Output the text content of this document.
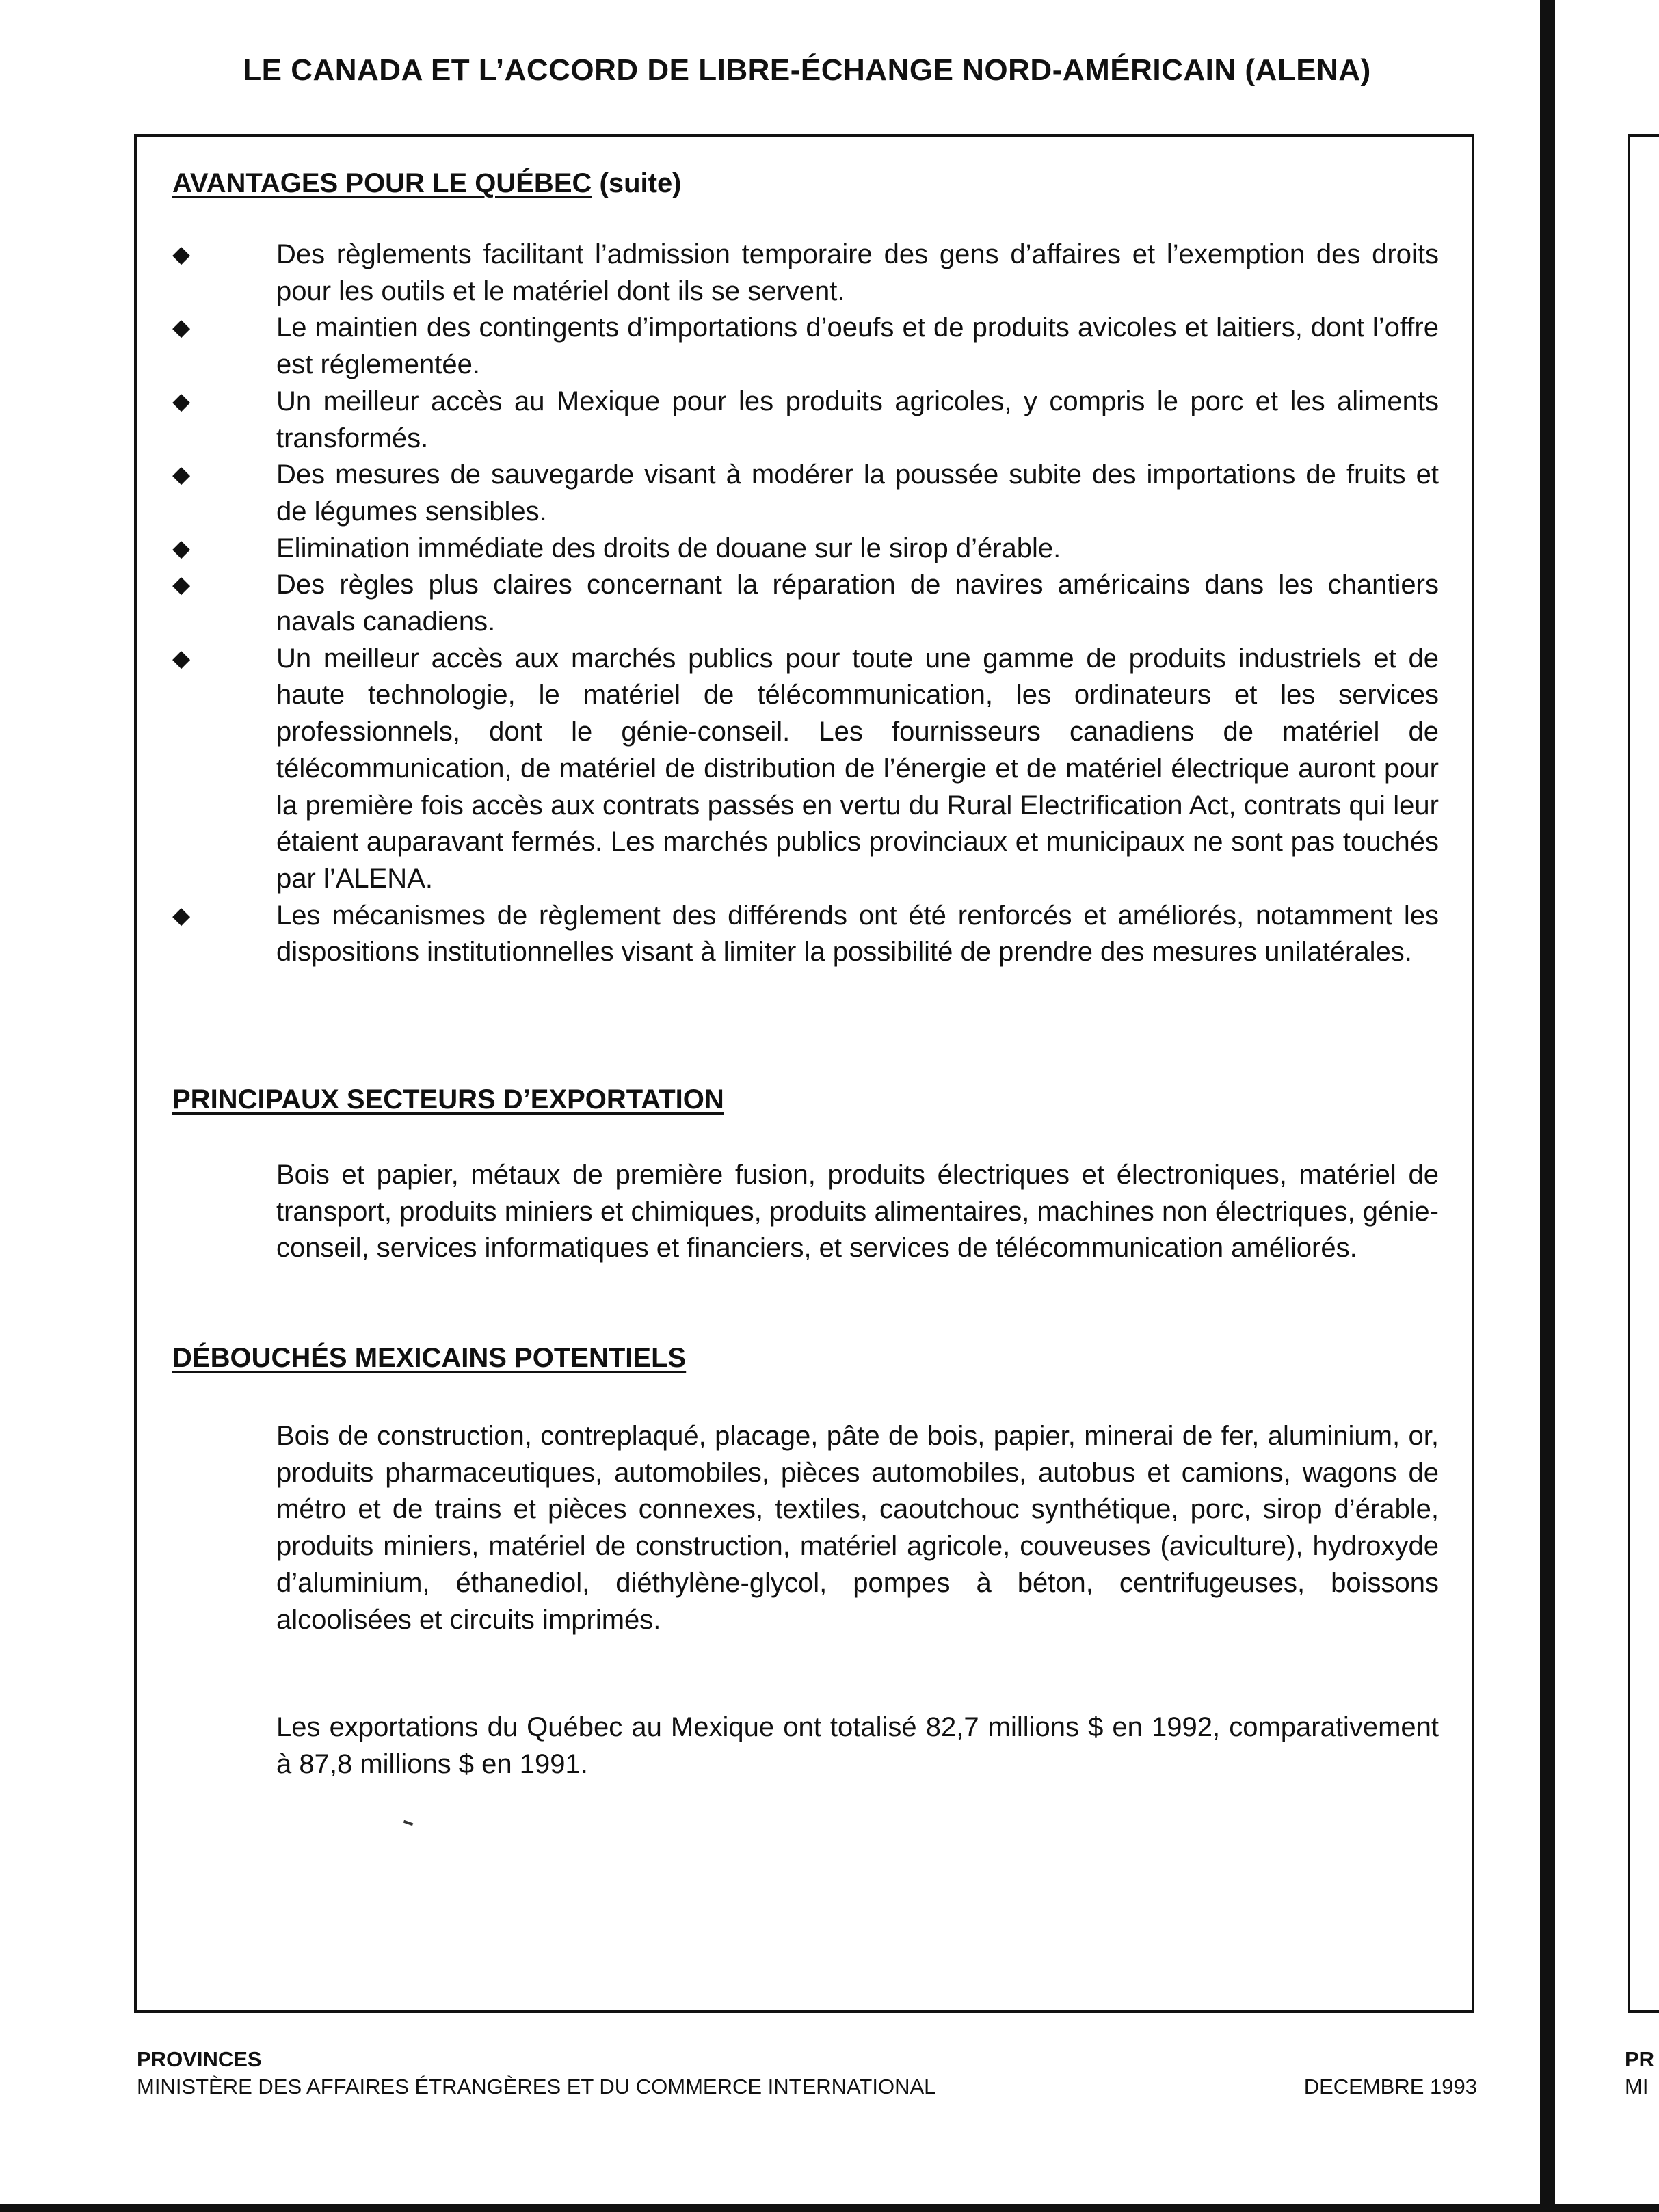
LE CANADA ET L’ACCORD DE LIBRE-ÉCHANGE NORD-AMÉRICAIN (ALENA)
AVANTAGES POUR LE QUÉBEC (suite)
◆	Des règlements facilitant l’admission temporaire des gens d’affaires et l’exemption des droits pour les outils et le matériel dont ils se servent.
◆	Le maintien des contingents d’importations d’oeufs et de produits avicoles et laitiers, dont l’offre est réglementée.
◆	Un meilleur accès au Mexique pour les produits agricoles, y compris le porc et les aliments transformés.
◆	Des mesures de sauvegarde visant à modérer la poussée subite des importations de fruits et de légumes sensibles.
◆	Elimination immédiate des droits de douane sur le sirop d’érable.
◆	Des règles plus claires concernant la réparation de navires américains dans les chantiers navals canadiens.
◆	Un meilleur accès aux marchés publics pour toute une gamme de produits industriels et de haute technologie, le matériel de télécommunication, les ordinateurs et les services professionnels, dont le génie-conseil. Les fournisseurs canadiens de matériel de télécommunication, de matériel de distribution de l’énergie et de matériel électrique auront pour la première fois accès aux contrats passés en vertu du Rural Electrification Act, contrats qui leur étaient auparavant fermés. Les marchés publics provinciaux et municipaux ne sont pas touchés par l’ALENA.
◆	Les mécanismes de règlement des différends ont été renforcés et améliorés, notamment les dispositions institutionnelles visant à limiter la possibilité de prendre des mesures unilatérales.
PRINCIPAUX SECTEURS D’EXPORTATION

Bois et papier, métaux de première fusion, produits électriques et électroniques, matériel de transport, produits miniers et chimiques, produits alimentaires, machines non électriques, génie-conseil, services informatiques et financiers, et services de télécommunication améliorés.

DÉBOUCHÉS MEXICAINS POTENTIELS

Bois de construction, contreplaqué, placage, pâte de bois, papier, minerai de fer, aluminium, or, produits pharmaceutiques, automobiles, pièces automobiles, autobus et camions, wagons de métro et de trains et pièces connexes, textiles, caoutchouc synthétique, porc, sirop d’érable, produits miniers, matériel de construction, matériel agricole, couveuses (aviculture), hydroxyde d’aluminium, éthanediol, diéthylène-glycol, pompes à béton, centrifugeuses, boissons alcoolisées et circuits imprimés.

Les exportations du Québec au Mexique ont totalisé 82,7 millions $ en 1992, comparativement à 87,8 millions $ en 1991.

PROVINCES
MINISTÈRE DES AFFAIRES ÉTRANGÈRES ET DU COMMERCE INTERNATIONAL	DECEMBRE 1993
PR
MI
